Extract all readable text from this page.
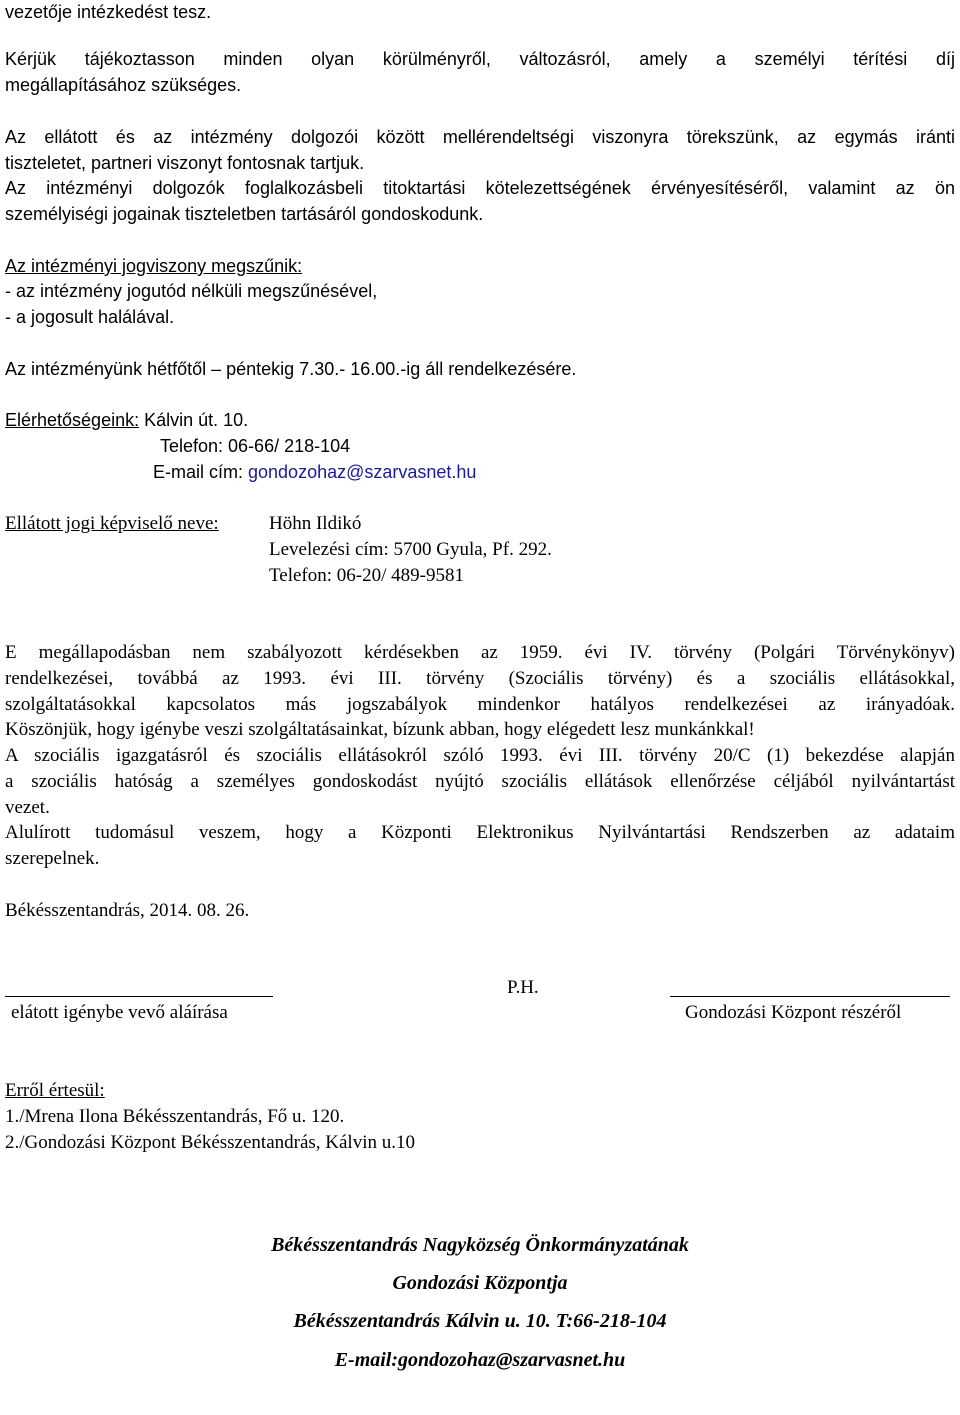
vezetője intézkedést tesz.
Kérjük tájékoztasson minden olyan körülményről, változásról, amely a személyi térítési díj
megállapításához szükséges.
Az ellátott és az intézmény dolgozói között mellérendeltségi viszonyra törekszünk, az egymás iránti
tiszteletet, partneri viszonyt fontosnak tartjuk.
Az intézményi dolgozók foglalkozásbeli titoktartási kötelezettségének érvényesítéséről, valamint az ön
személyiségi jogainak tiszteletben tartásáról gondoskodunk.
Az intézményi jogviszony megszűnik:
- az intézmény jogutód nélküli megszűnésével,
- a jogosult halálával.
Az intézményünk hétfőtől – péntekig 7.30.- 16.00.-ig áll rendelkezésére.
Elérhetőségeink: Kálvin út. 10.
Telefon: 06-66/ 218-104
E-mail cím: gondozohaz@szarvasnet.hu
Ellátott jogi képviselő neve:	Höhn Ildikó
Levelezési cím: 5700 Gyula, Pf. 292.
Telefon: 06-20/ 489-9581
E megállapodásban nem szabályozott kérdésekben az 1959. évi IV. törvény (Polgári Törvénykönyv)
rendelkezései, továbbá az 1993. évi III. törvény (Szociális törvény) és a szociális ellátásokkal,
szolgáltatásokkal kapcsolatos más jogszabályok mindenkor hatályos rendelkezései az irányadóak.
Köszönjük, hogy igénybe veszi szolgáltatásainkat, bízunk abban, hogy elégedett lesz munkánkkal!
A szociális igazgatásról és szociális ellátásokról szóló 1993. évi III. törvény 20/C (1) bekezdése alapján
a szociális hatóság a személyes gondoskodást nyújtó szociális ellátások ellenőrzése céljából nyilvántartást
vezet.
Alulírott tudomásul veszem, hogy a Központi Elektronikus Nyilvántartási Rendszerben az adataim
szerepelnek.
Békésszentandrás, 2014. 08. 26.
P.H.
elátott igénybe vevő aláírása	Gondozási Központ részéről
Erről értesül:
1./Mrena Ilona Békésszentandrás, Fő u. 120.
2./Gondozási Központ Békésszentandrás, Kálvin u.10
Békésszentandrás Nagyközség Önkormányzatának
Gondozási Központja
Békésszentandrás Kálvin u. 10. T:66-218-104
E-mail:gondozohaz@szarvasnet.hu
